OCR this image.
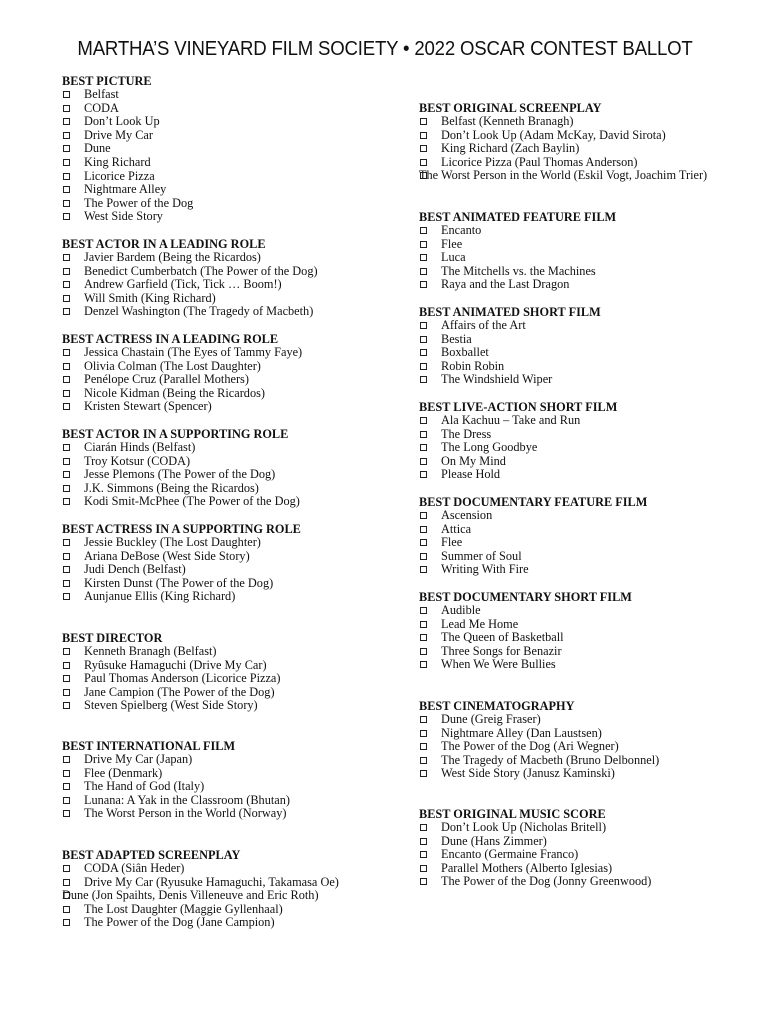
MARTHA’S VINEYARD FILM SOCIETY • 2022 OSCAR CONTEST BALLOT
BEST PICTURE
Belfast
CODA
Don’t Look Up
Drive My Car
Dune
King Richard
Licorice Pizza
Nightmare Alley
The Power of the Dog
West Side Story
BEST ACTOR IN A LEADING ROLE
Javier Bardem (Being the Ricardos)
Benedict Cumberbatch (The Power of the Dog)
Andrew Garfield (Tick, Tick … Boom!)
Will Smith (King Richard)
Denzel Washington (The Tragedy of Macbeth)
BEST ACTRESS IN A LEADING ROLE
Jessica Chastain (The Eyes of Tammy Faye)
Olivia Colman (The Lost Daughter)
Penélope Cruz (Parallel Mothers)
Nicole Kidman (Being the Ricardos)
Kristen Stewart (Spencer)
BEST ACTOR IN A SUPPORTING ROLE
Ciarán Hinds (Belfast)
Troy Kotsur (CODA)
Jesse Plemons (The Power of the Dog)
J.K. Simmons (Being the Ricardos)
Kodi Smit-McPhee (The Power of the Dog)
BEST ACTRESS IN A SUPPORTING ROLE
Jessie Buckley (The Lost Daughter)
Ariana DeBose (West Side Story)
Judi Dench (Belfast)
Kirsten Dunst (The Power of the Dog)
Aunjanue Ellis (King Richard)
BEST DIRECTOR
Kenneth Branagh (Belfast)
Ryûsuke Hamaguchi (Drive My Car)
Paul Thomas Anderson (Licorice Pizza)
Jane Campion (The Power of the Dog)
Steven Spielberg (West Side Story)
BEST INTERNATIONAL FILM
Drive My Car (Japan)
Flee (Denmark)
The Hand of God (Italy)
Lunana: A Yak in the Classroom (Bhutan)
The Worst Person in the World (Norway)
BEST ADAPTED SCREENPLAY
CODA (Siân Heder)
Drive My Car (Ryusuke Hamaguchi, Takamasa Oe)
Dune (Jon Spaihts, Denis Villeneuve and Eric Roth)
The Lost Daughter (Maggie Gyllenhaal)
The Power of the Dog (Jane Campion)
BEST ORIGINAL SCREENPLAY
Belfast (Kenneth Branagh)
Don’t Look Up (Adam McKay, David Sirota)
King Richard (Zach Baylin)
Licorice Pizza (Paul Thomas Anderson)
The Worst Person in the World (Eskil Vogt, Joachim Trier)
BEST ANIMATED FEATURE FILM
Encanto
Flee
Luca
The Mitchells vs. the Machines
Raya and the Last Dragon
BEST ANIMATED SHORT FILM
Affairs of the Art
Bestia
Boxballet
Robin Robin
The Windshield Wiper
BEST LIVE-ACTION SHORT FILM
Ala Kachuu – Take and Run
The Dress
The Long Goodbye
On My Mind
Please Hold
BEST DOCUMENTARY FEATURE FILM
Ascension
Attica
Flee
Summer of Soul
Writing With Fire
BEST DOCUMENTARY SHORT FILM
Audible
Lead Me Home
The Queen of Basketball
Three Songs for Benazir
When We Were Bullies
BEST CINEMATOGRAPHY
Dune (Greig Fraser)
Nightmare Alley (Dan Laustsen)
The Power of the Dog (Ari Wegner)
The Tragedy of Macbeth (Bruno Delbonnel)
West Side Story (Janusz Kaminski)
BEST ORIGINAL MUSIC SCORE
Don’t Look Up (Nicholas Britell)
Dune (Hans Zimmer)
Encanto (Germaine Franco)
Parallel Mothers (Alberto Iglesias)
The Power of the Dog (Jonny Greenwood)
